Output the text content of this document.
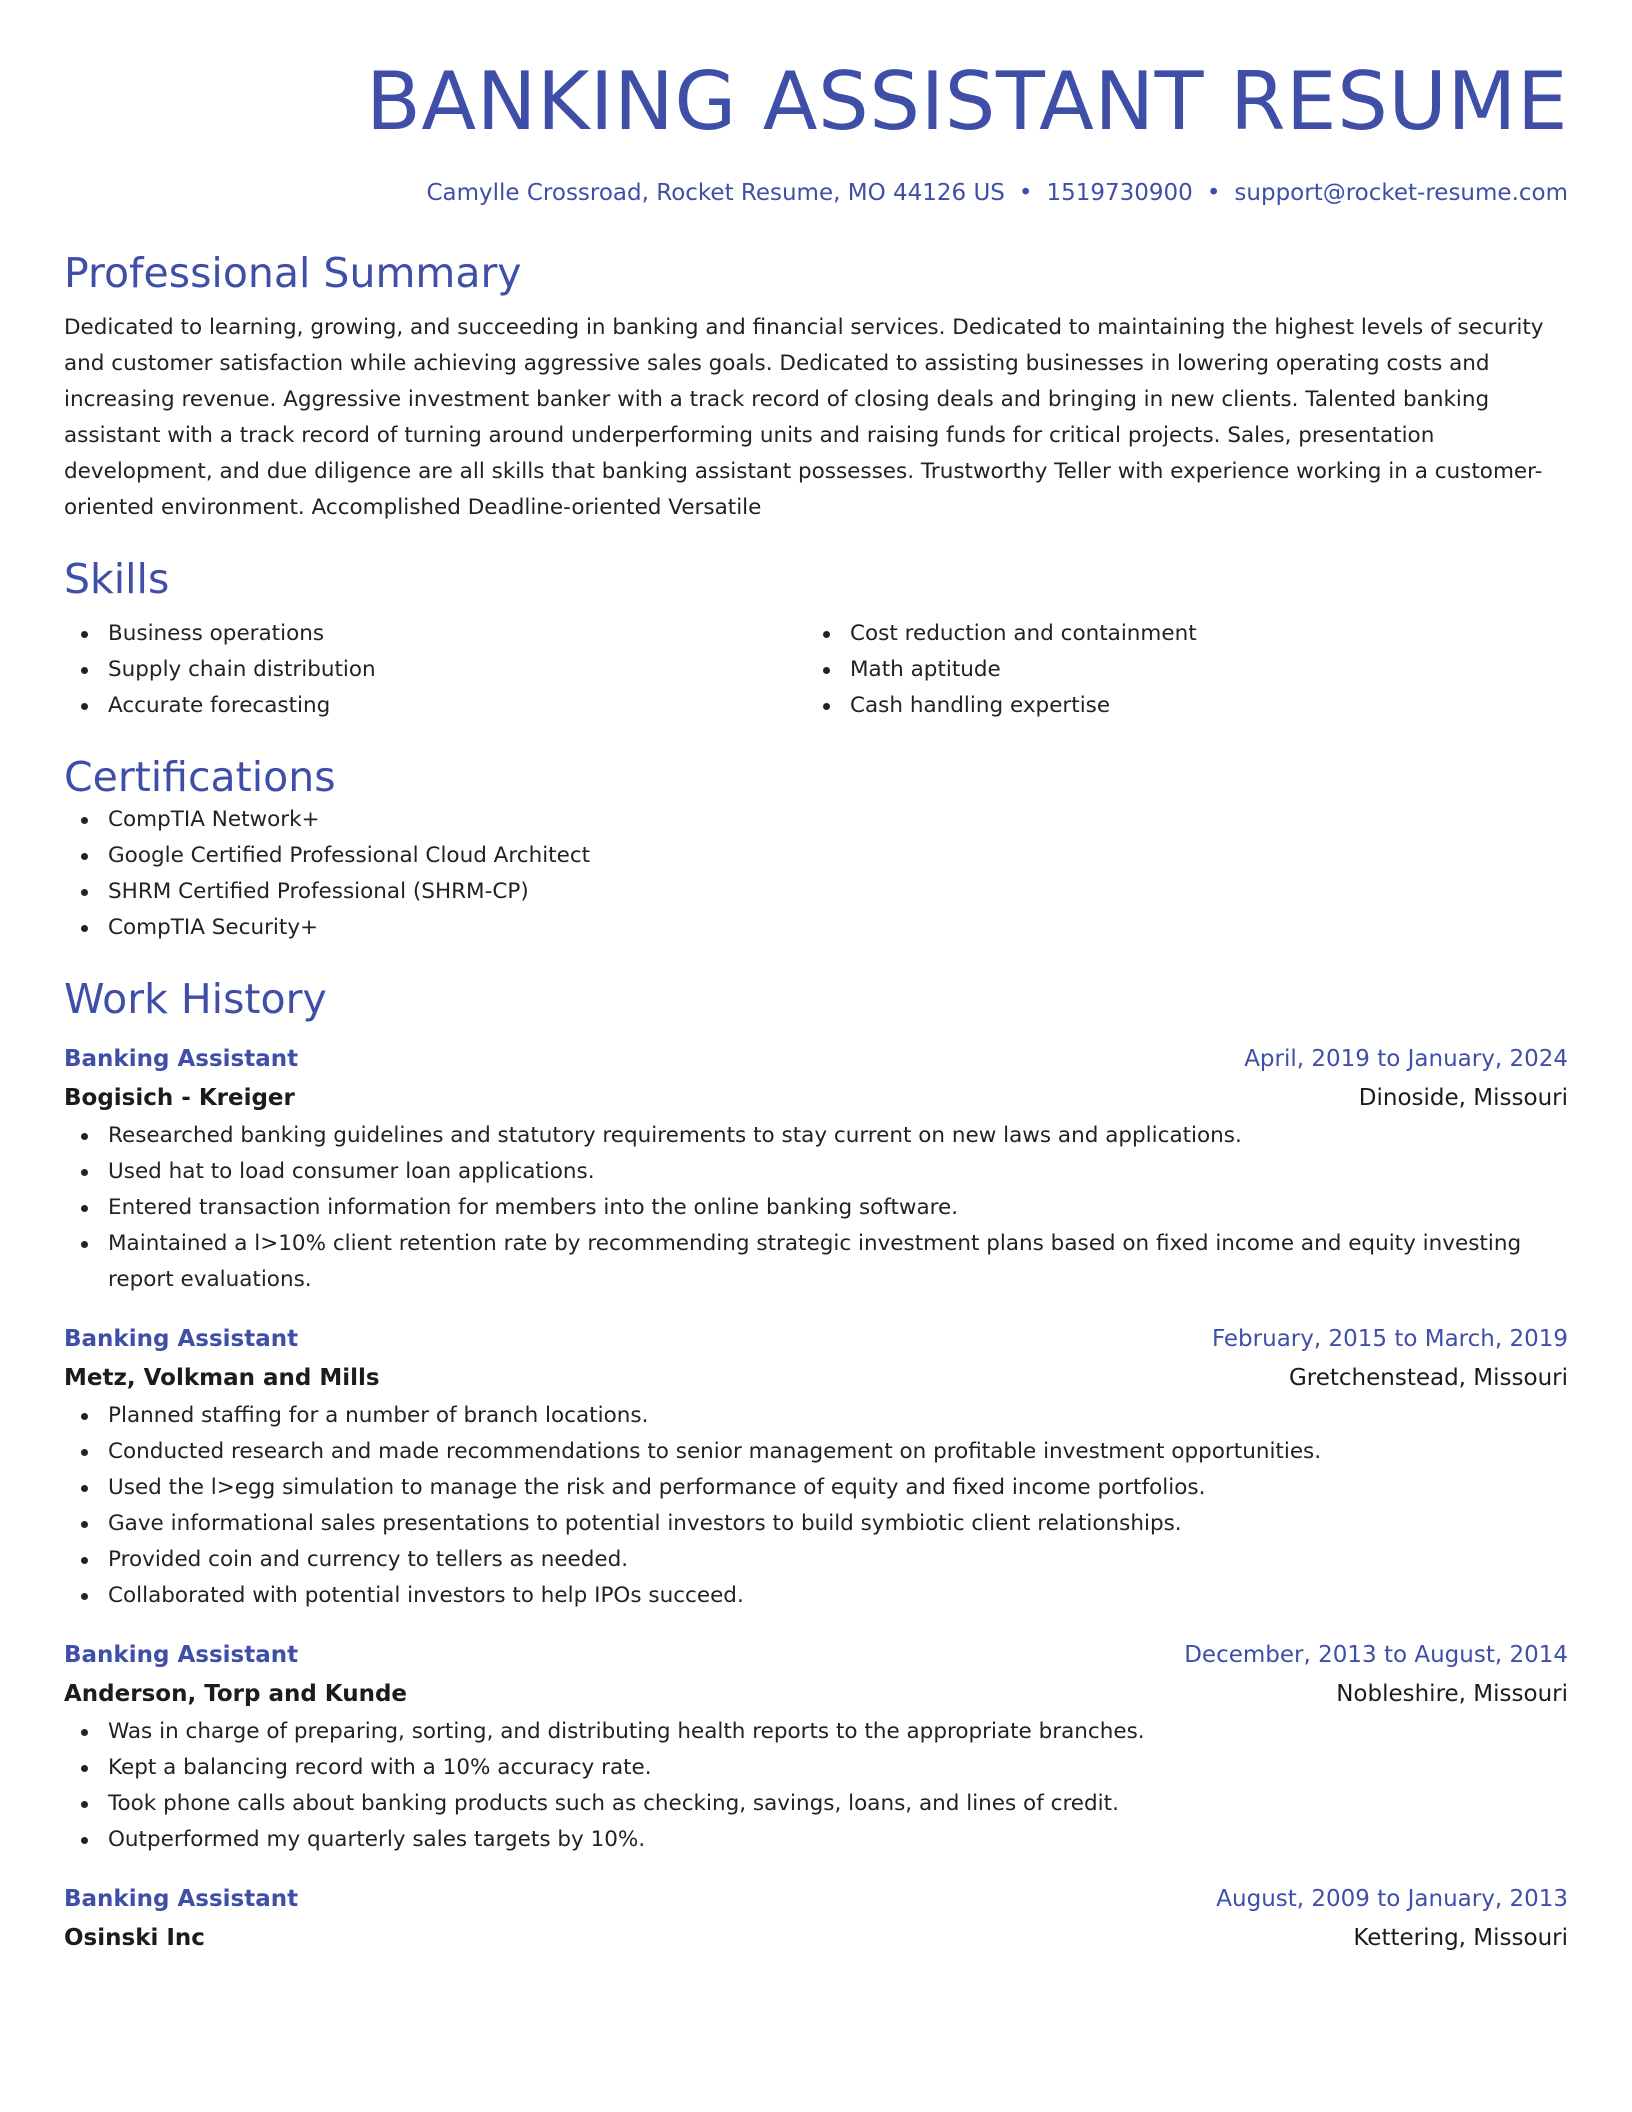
BANKING ASSISTANT RESUME
Camylle Crossroad, Rocket Resume, MO 44126 US • 1519730900 • support@rocket-resume.com
Professional Summary
Dedicated to learning, growing, and succeeding in banking and financial services. Dedicated to maintaining the highest levels of security and customer satisfaction while achieving aggressive sales goals. Dedicated to assisting businesses in lowering operating costs and increasing revenue. Aggressive investment banker with a track record of closing deals and bringing in new clients. Talented banking assistant with a track record of turning around underperforming units and raising funds for critical projects. Sales, presentation development, and due diligence are all skills that banking assistant possesses. Trustworthy Teller with experience working in a customer-oriented environment. Accomplished Deadline-oriented Versatile
Skills
Business operations
Supply chain distribution
Accurate forecasting
Cost reduction and containment
Math aptitude
Cash handling expertise
Certifications
CompTIA Network+
Google Certified Professional Cloud Architect
SHRM Certified Professional (SHRM-CP)
CompTIA Security+
Work History
Banking Assistant	April, 2019 to January, 2024
Bogisich - Kreiger	Dinoside, Missouri
Researched banking guidelines and statutory requirements to stay current on new laws and applications.
Used hat to load consumer loan applications.
Entered transaction information for members into the online banking software.
Maintained a l>10% client retention rate by recommending strategic investment plans based on fixed income and equity investing report evaluations.
Banking Assistant	February, 2015 to March, 2019
Metz, Volkman and Mills	Gretchenstead, Missouri
Planned staffing for a number of branch locations.
Conducted research and made recommendations to senior management on profitable investment opportunities.
Used the l>egg simulation to manage the risk and performance of equity and fixed income portfolios.
Gave informational sales presentations to potential investors to build symbiotic client relationships.
Provided coin and currency to tellers as needed.
Collaborated with potential investors to help IPOs succeed.
Banking Assistant	December, 2013 to August, 2014
Anderson, Torp and Kunde	Nobleshire, Missouri
Was in charge of preparing, sorting, and distributing health reports to the appropriate branches.
Kept a balancing record with a 10% accuracy rate.
Took phone calls about banking products such as checking, savings, loans, and lines of credit.
Outperformed my quarterly sales targets by 10%.
Banking Assistant	August, 2009 to January, 2013
Osinski Inc	Kettering, Missouri
